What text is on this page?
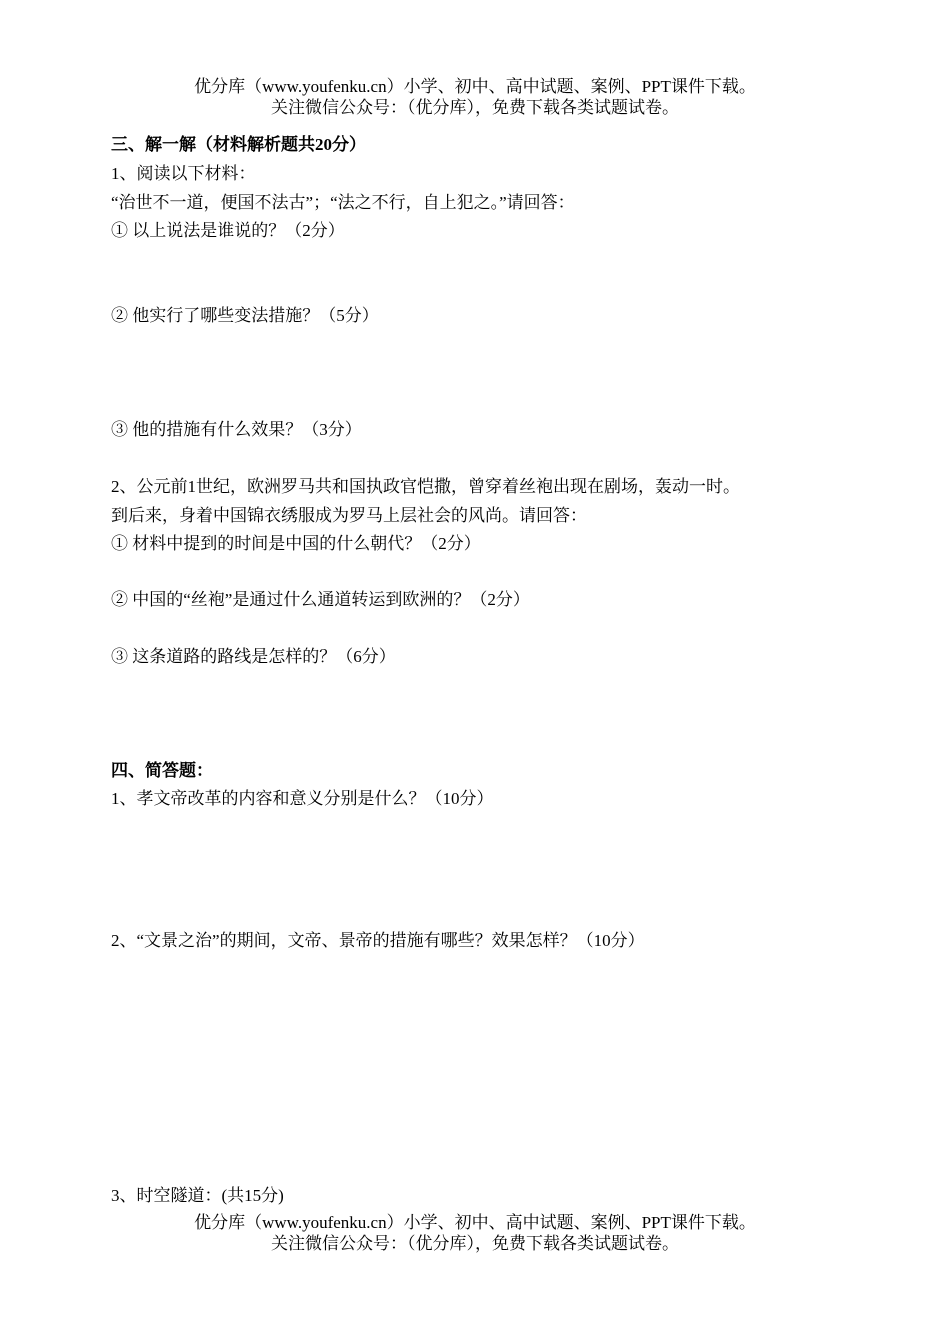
优分库（www.youfenku.cn）小学、初中、高中试题、案例、PPT课件下载。
关注微信公众号：（优分库），免费下载各类试题试卷。
三、解一解（材料解析题共20分）
1、阅读以下材料：
“治世不一道，便国不法古”；“法之不行，自上犯之。”请回答：
① 以上说法是谁说的？（2分）
② 他实行了哪些变法措施？（5分）
③ 他的措施有什么效果？（3分）
2、公元前1世纪，欧洲罗马共和国执政官恺撒，曾穿着丝袍出现在剧场，轰动一时。
到后来，身着中国锦衣绣服成为罗马上层社会的风尚。请回答：
① 材料中提到的时间是中国的什么朝代？（2分）
② 中国的“丝袍”是通过什么通道转运到欧洲的？（2分）
③ 这条道路的路线是怎样的？（6分）
四、简答题：
1、孝文帝改革的内容和意义分别是什么？（10分）
2、“文景之治”的期间，文帝、景帝的措施有哪些？效果怎样？（10分）
3、时空隧道：(共15分)
优分库（www.youfenku.cn）小学、初中、高中试题、案例、PPT课件下载。
关注微信公众号：（优分库），免费下载各类试题试卷。
